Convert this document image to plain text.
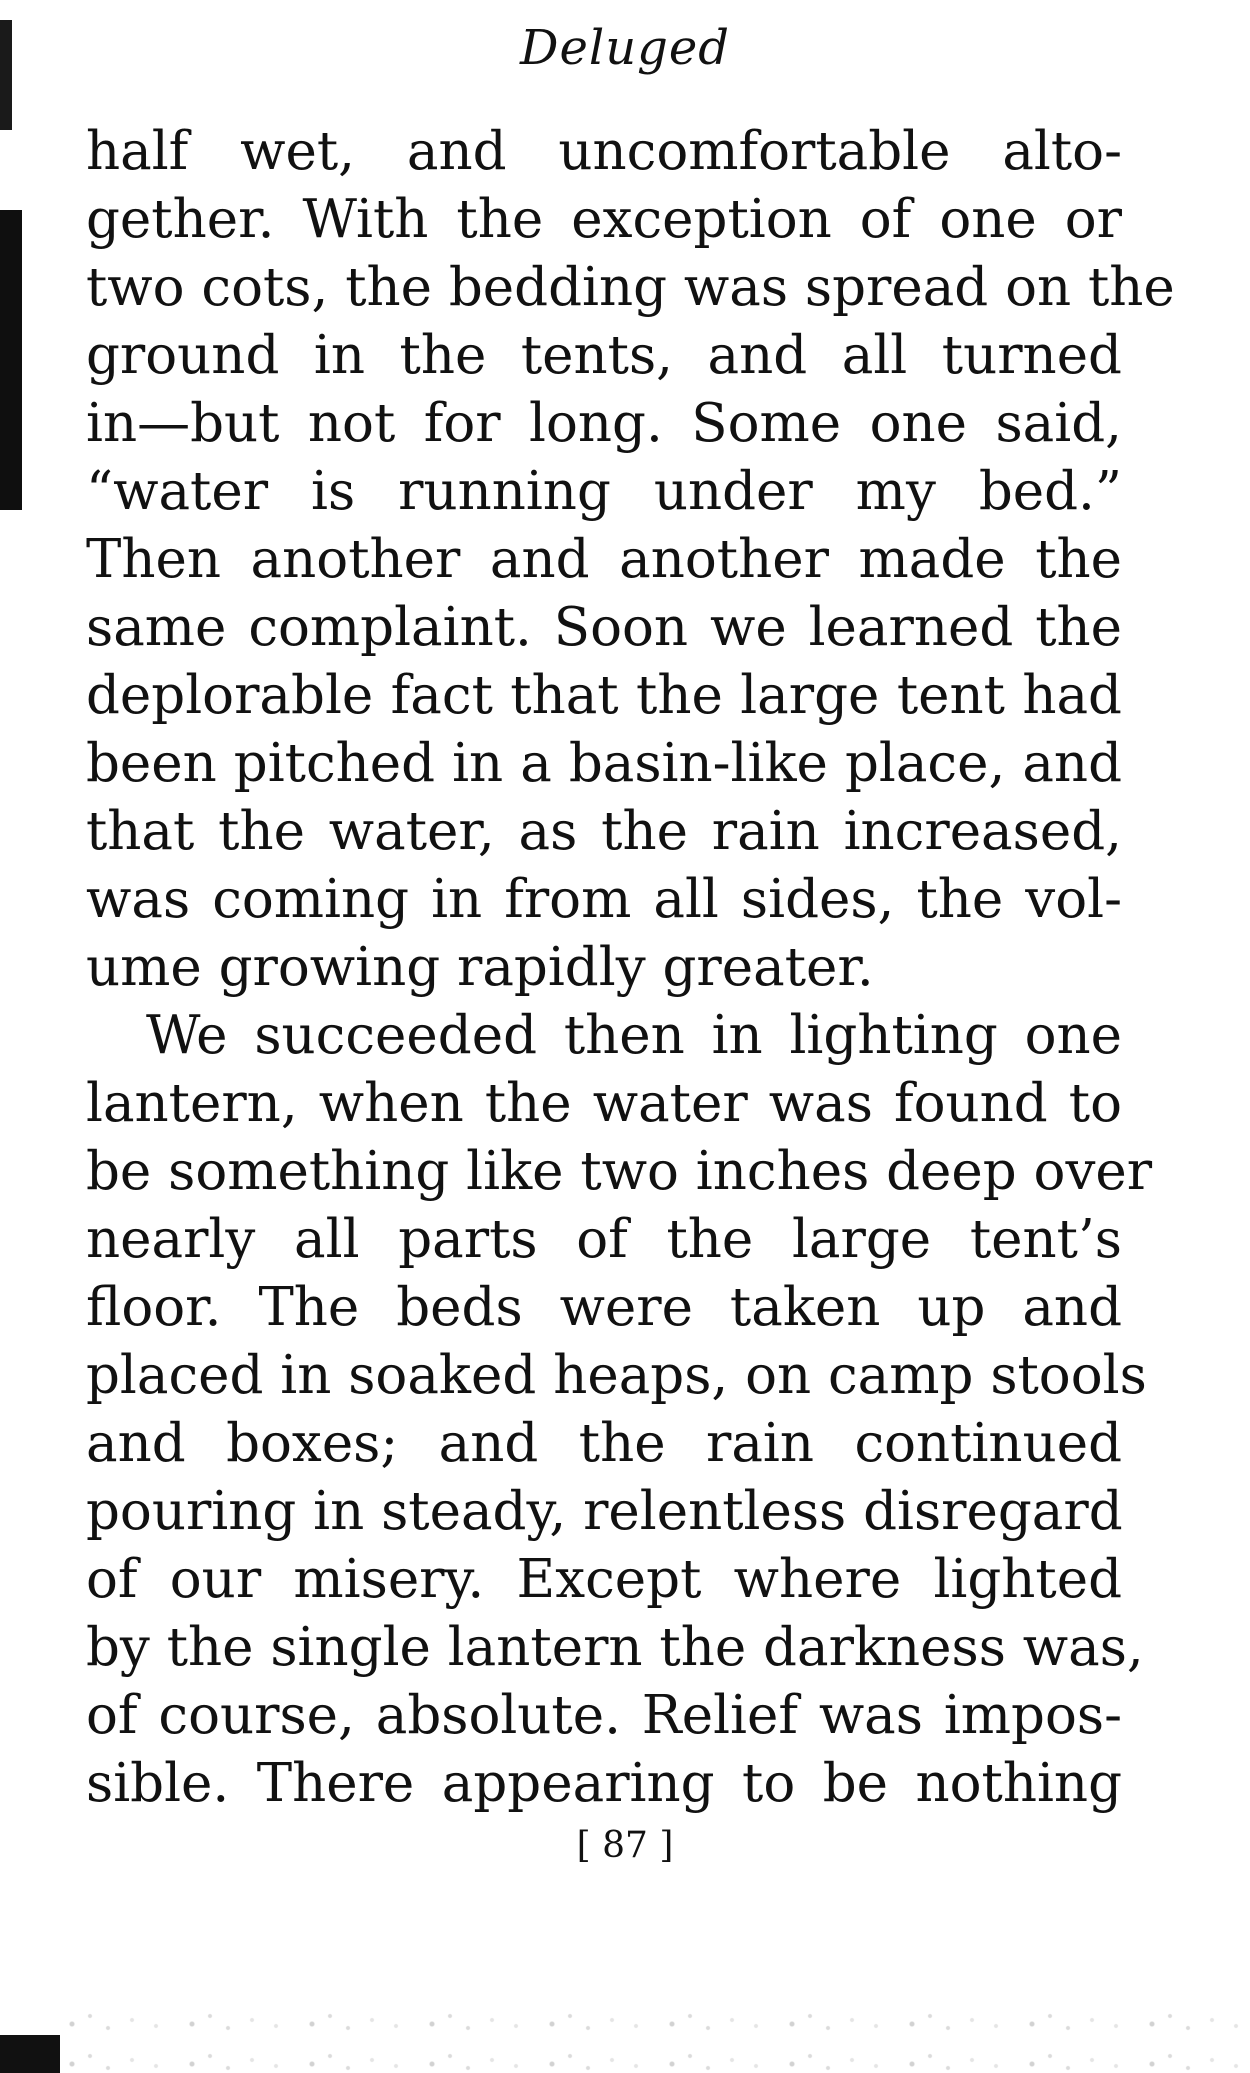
Deluged
half wet, and uncomfortable alto-
gether. With the exception of one or
two cots, the bedding was spread on the
ground in the tents, and all turned
in—but not for long. Some one said,
“water is running under my bed.”
Then another and another made the
same complaint. Soon we learned the
deplorable fact that the large tent had
been pitched in a basin-like place, and
that the water, as the rain increased,
was coming in from all sides, the vol-
ume growing rapidly greater.
We succeeded then in lighting one
lantern, when the water was found to
be something like two inches deep over
nearly all parts of the large tent’s
floor. The beds were taken up and
placed in soaked heaps, on camp stools
and boxes; and the rain continued
pouring in steady, relentless disregard
of our misery. Except where lighted
by the single lantern the darkness was,
of course, absolute. Relief was impos-
sible. There appearing to be nothing
[ 87 ]
